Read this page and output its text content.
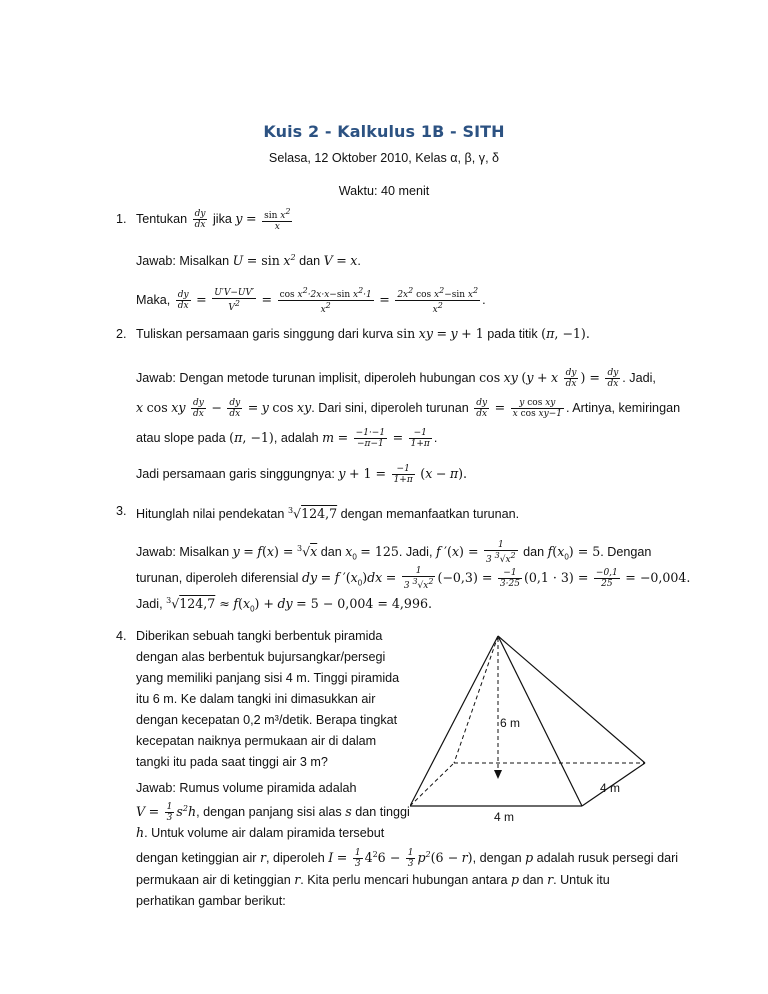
Kuis 2 - Kalkulus 1B - SITH
Selasa, 12 Oktober 2010, Kelas α, β, γ, δ
Waktu: 40 menit
1. Tentukan $\frac{dy}{dx}$ jika $y = \frac{\sin x^2}{x}$
Jawab: Misalkan $U = \sin x^2$ dan V = x.
Maka, $\frac{dy}{dx} = \frac{U'V-UV'}{V^2} = \frac{\cos x^2\cdot 2x\cdot x-\sin x^2\cdot 1}{x^2} = \frac{2x^2 \cos x^2-\sin x^2}{x^2}$ .
2. Tuliskan persamaan garis singgung dari kurva sin xy = y + 1 pada titik (π, −1).
Jawab: Dengan metode turunan implisit, diperoleh hubungan cos xy (y + x $\frac{dy}{dx}$ ) = $\frac{dy}{dx}$ . Jadi,
x cos xy $\frac{dy}{dx} - \frac{dy}{dx} = y$ cos xy. Dari sini, diperoleh turunan $\frac{dy}{dx} = \frac{\text{y cos xy}}{\text{x cos xy−1}}$ . Artinya, kemiringan
atau slope pada (π, −1), adalah $m = \frac{-1\cdot-1}{-\pi-1} = \frac{-1}{1+\pi}$ .
Jadi persamaan garis singgungnya: $y + 1 = \frac{-1}{1+\pi} (x - \pi)$.
3. Hitunglah nilai pendekatan $^3$√124,7 dengan memanfaatkan turunan.
Jawab: Misalkan y = f(x) = $^3$√x dan $x_0 = 125$. Jadi, f $'(x) = \frac{1}{3 ^3√x^2}$ dan $f(x_0) = 5$. Dengan
turunan, diperoleh diferensial dy = f $'(x_0)dx = \frac{1}{3 ^3√x^2} (-0,3) = \frac{-1}{3\cdot 25} (0,1 \cdot 3) = \frac{-0,1}{25} = -0,004$.
Jadi, $^3√124,7 \approx f(x_0)$ + dy = 5 − 0,004 = 4,996.
4. Diberikan sebuah tangki berbentuk piramida
dengan alas berbentuk bujursangkar/persegi
yang memiliki panjang sisi 4 m. Tinggi piramida
itu 6 m. Ke dalam tangki ini dimasukkan air
dengan kecepatan 0,2 m³/detik. Berapa tingkat
kecepatan naiknya permukaan air di dalam
tangki itu pada saat tinggi air 3 m?
Jawab: Rumus volume piramida adalah
$V = \frac{1}{3} s^2h$, dengan panjang sisi alas s dan tinggi
h. Untuk volume air dalam piramida tersebut
dengan ketinggian air r, diperoleh $I = \frac{1}{3} 4^26 - \frac{1}{3} p^2(6 - r)$, dengan p adalah rusuk persegi dari
permukaan air di ketinggian r. Kita perlu mencari hubungan antara p dan r. Untuk itu
perhatikan gambar berikut:
6 m
4 m
4 m
